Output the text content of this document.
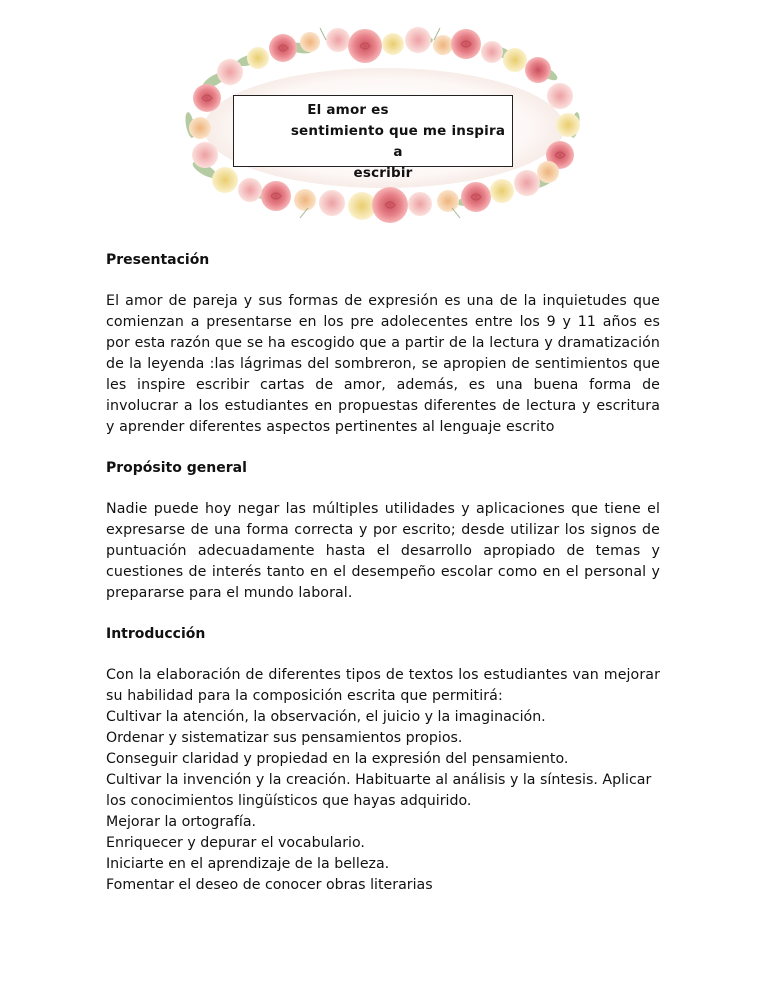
El amor es
sentimiento que me inspira a
escribir
Presentación
El amor de pareja y sus formas de expresión es una de la inquietudes que comienzan a presentarse en los pre adolecentes entre los 9 y 11 años es por esta razón que se ha escogido que a partir de la lectura y dramatización de la leyenda :las lágrimas del sombreron, se apropien de sentimientos que les inspire escribir cartas de amor, además, es una buena forma de involucrar a los estudiantes en propuestas diferentes de lectura y escritura y aprender diferentes aspectos pertinentes al lenguaje escrito
Propósito general
Nadie puede hoy negar las múltiples utilidades y aplicaciones que tiene el expresarse de una forma correcta y por escrito; desde utilizar los signos de puntuación adecuadamente hasta el desarrollo apropiado de temas y cuestiones de interés tanto en el desempeño escolar como en el personal y prepararse para el mundo laboral.
Introducción
Con la elaboración de diferentes tipos de textos los estudiantes van mejorar su habilidad para la composición escrita que permitirá:
Cultivar la atención, la observación, el juicio y la imaginación.
Ordenar y sistematizar sus pensamientos propios.
Conseguir claridad y propiedad en la expresión del pensamiento.
Cultivar la invención y la creación. Habituarte al análisis y la síntesis. Aplicar
los conocimientos lingüísticos que hayas adquirido.
Mejorar la ortografía.
Enriquecer y depurar el vocabulario.
Iniciarte en el aprendizaje de la belleza.
Fomentar el deseo de conocer obras literarias
